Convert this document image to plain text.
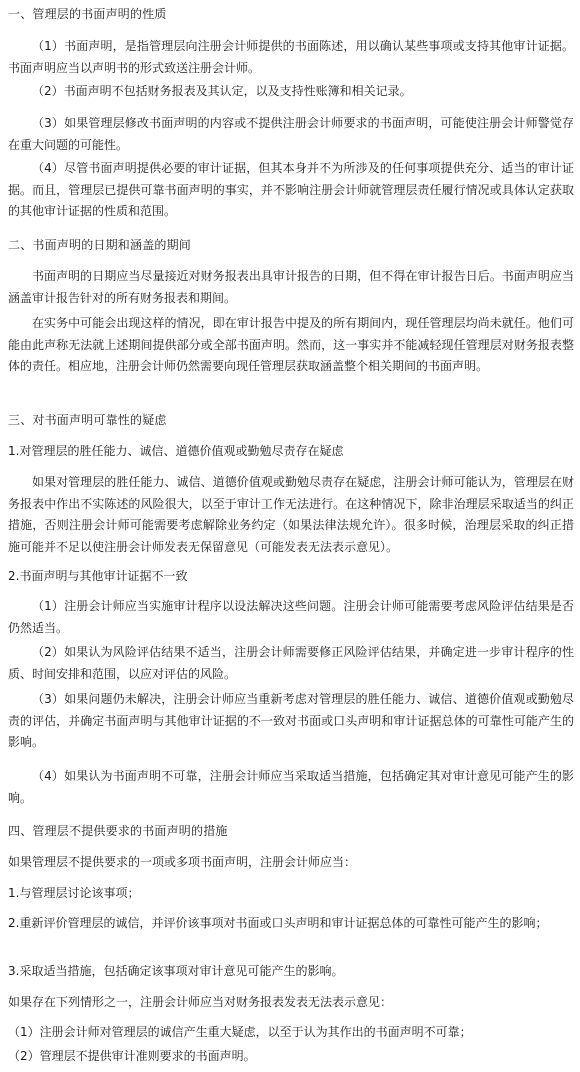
一、管理层的书面声明的性质

（1）书面声明，是指管理层向注册会计师提供的书面陈述，用以确认某些事项或支持其他审计证据。书面声明应当以声明书的形式致送注册会计师。

（2）书面声明不包括财务报表及其认定，以及支持性账簿和相关记录。

（3）如果管理层修改书面声明的内容或不提供注册会计师要求的书面声明，可能使注册会计师警觉存在重大问题的可能性。

（4）尽管书面声明提供必要的审计证据，但其本身并不为所涉及的任何事项提供充分、适当的审计证据。而且，管理层已提供可靠书面声明的事实，并不影响注册会计师就管理层责任履行情况或具体认定获取的其他审计证据的性质和范围。

二、书面声明的日期和涵盖的期间

书面声明的日期应当尽量接近对财务报表出具审计报告的日期，但不得在审计报告日后。书面声明应当涵盖审计报告针对的所有财务报表和期间。

在实务中可能会出现这样的情况，即在审计报告中提及的所有期间内，现任管理层均尚未就任。他们可能由此声称无法就上述期间提供部分或全部书面声明。然而，这一事实并不能减轻现任管理层对财务报表整体的责任。相应地，注册会计师仍然需要向现任管理层获取涵盖整个相关期间的书面声明。

三、对书面声明可靠性的疑虑

1.对管理层的胜任能力、诚信、道德价值观或勤勉尽责存在疑虑

如果对管理层的胜任能力、诚信、道德价值观或勤勉尽责存在疑虑，注册会计师可能认为，管理层在财务报表中作出不实陈述的风险很大，以至于审计工作无法进行。在这种情况下，除非治理层采取适当的纠正措施，否则注册会计师可能需要考虑解除业务约定（如果法律法规允许）。很多时候，治理层采取的纠正措施可能并不足以使注册会计师发表无保留意见（可能发表无法表示意见）。

2.书面声明与其他审计证据不一致

（1）注册会计师应当实施审计程序以设法解决这些问题。注册会计师可能需要考虑风险评估结果是否仍然适当。

（2）如果认为风险评估结果不适当，注册会计师需要修正风险评估结果，并确定进一步审计程序的性质、时间安排和范围，以应对评估的风险。

（3）如果问题仍未解决，注册会计师应当重新考虑对管理层的胜任能力、诚信、道德价值观或勤勉尽责的评估，并确定书面声明与其他审计证据的不一致对书面或口头声明和审计证据总体的可靠性可能产生的影响。

（4）如果认为书面声明不可靠，注册会计师应当采取适当措施，包括确定其对审计意见可能产生的影响。

四、管理层不提供要求的书面声明的措施

如果管理层不提供要求的一项或多项书面声明，注册会计师应当：

1.与管理层讨论该事项；

2.重新评价管理层的诚信，并评价该事项对书面或口头声明和审计证据总体的可靠性可能产生的影响；

3.采取适当措施，包括确定该事项对审计意见可能产生的影响。

如果存在下列情形之一，注册会计师应当对财务报表发表无法表示意见：

（1）注册会计师对管理层的诚信产生重大疑虑，以至于认为其作出的书面声明不可靠；

（2）管理层不提供审计准则要求的书面声明。
